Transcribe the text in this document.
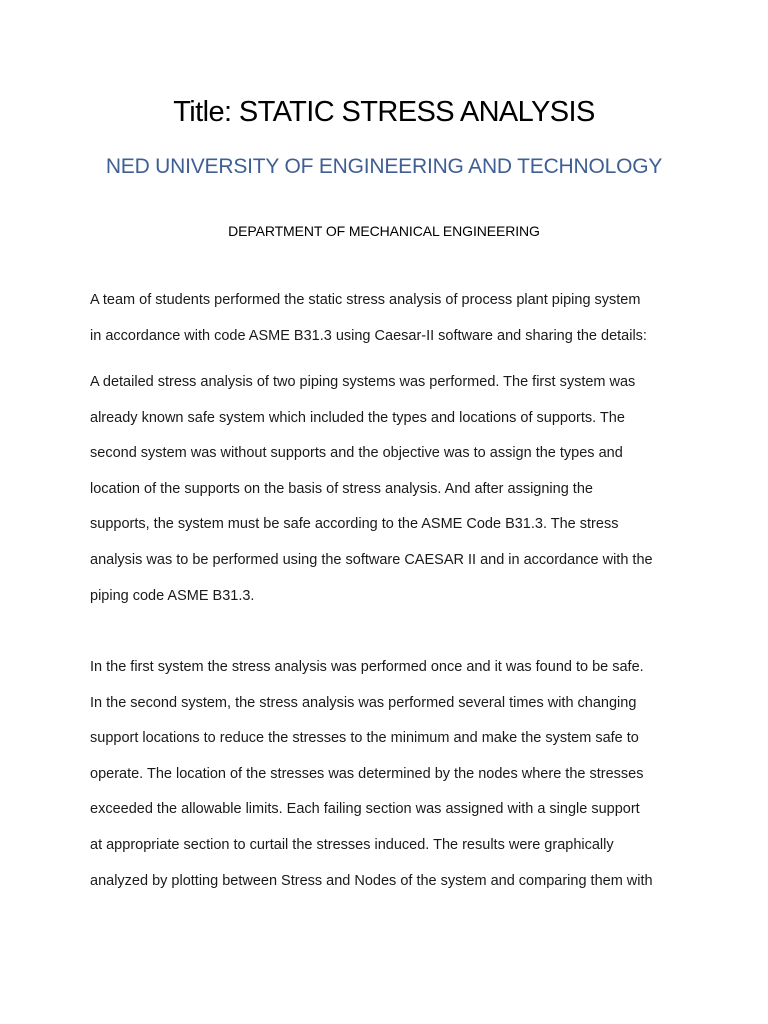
Title: STATIC STRESS ANALYSIS
NED UNIVERSITY OF ENGINEERING AND TECHNOLOGY
DEPARTMENT OF MECHANICAL ENGINEERING
A team of students performed the static stress analysis of process plant piping system
in accordance with code ASME B31.3 using Caesar-II software and sharing the details:
A detailed stress analysis of two piping systems was performed. The first system was
already known safe system which included the types and locations of supports. The
second system was without supports and the objective was to assign the types and
location of the supports on the basis of stress analysis. And after assigning the
supports, the system must be safe according to the ASME Code B31.3. The stress
analysis was to be performed using the software CAESAR II and in accordance with the
piping code ASME B31.3.
In the first system the stress analysis was performed once and it was found to be safe.
In the second system, the stress analysis was performed several times with changing
support locations to reduce the stresses to the minimum and make the system safe to
operate. The location of the stresses was determined by the nodes where the stresses
exceeded the allowable limits. Each failing section was assigned with a single support
at appropriate section to curtail the stresses induced. The results were graphically
analyzed by plotting between Stress and Nodes of the system and comparing them with
